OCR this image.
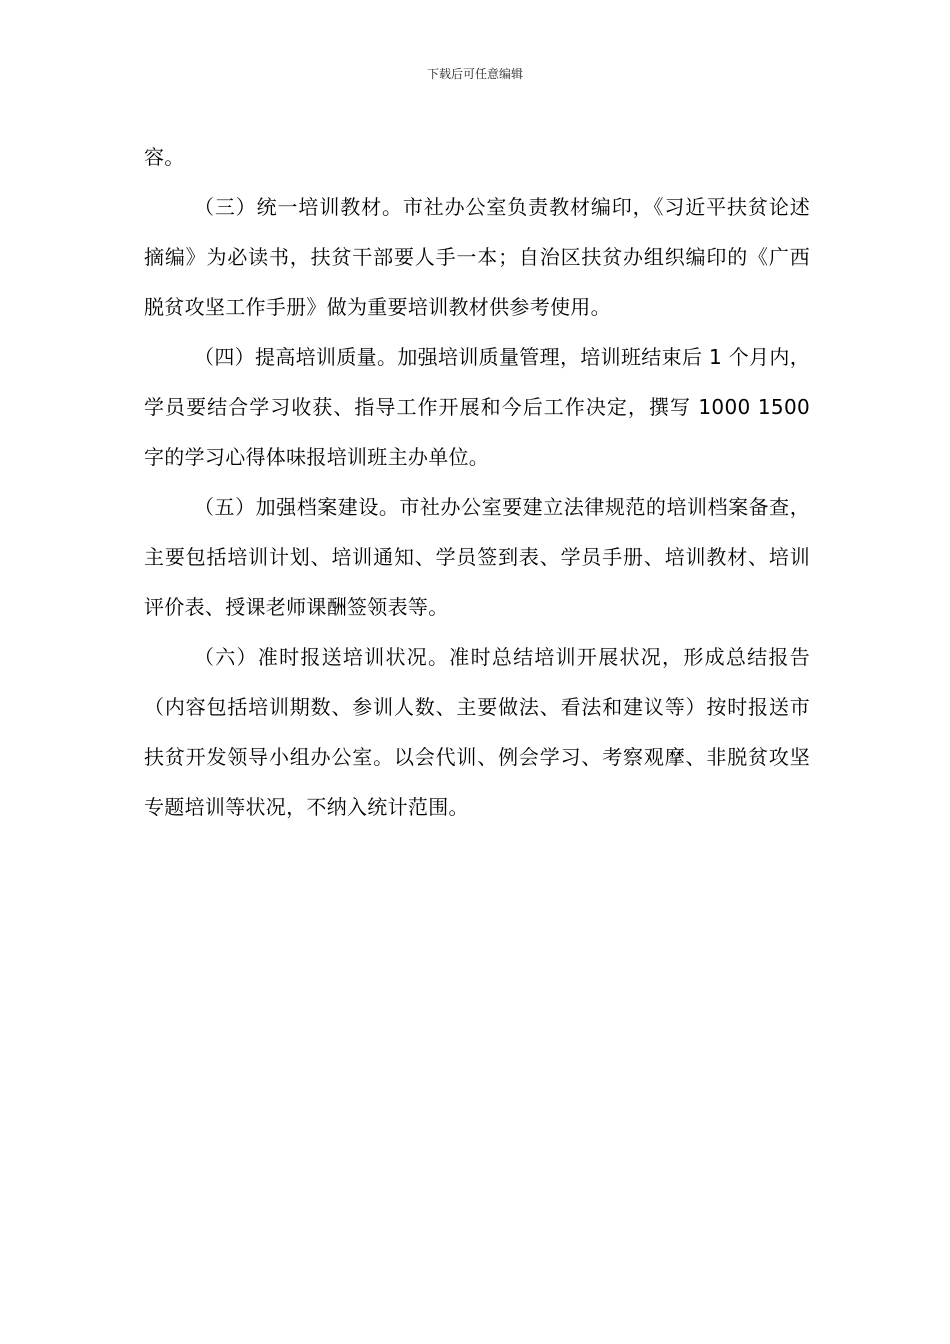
下载后可任意编辑

容。

（三）统一培训教材。市社办公室负责教材编印，《习近平扶贫论述摘编》为必读书，扶贫干部要人手一本；自治区扶贫办组织编印的《广西脱贫攻坚工作手册》做为重要培训教材供参考使用。

（四）提高培训质量。加强培训质量管理，培训班结束后 1 个月内，学员要结合学习收获、指导工作开展和今后工作决定，撰写 1000 1500 字的学习心得体味报培训班主办单位。

（五）加强档案建设。市社办公室要建立法律规范的培训档案备查，主要包括培训计划、培训通知、学员签到表、学员手册、培训教材、培训评价表、授课老师课酬签领表等。

（六）准时报送培训状况。准时总结培训开展状况，形成总结报告（内容包括培训期数、参训人数、主要做法、看法和建议等）按时报送市扶贫开发领导小组办公室。以会代训、例会学习、考察观摩、非脱贫攻坚专题培训等状况，不纳入统计范围。
